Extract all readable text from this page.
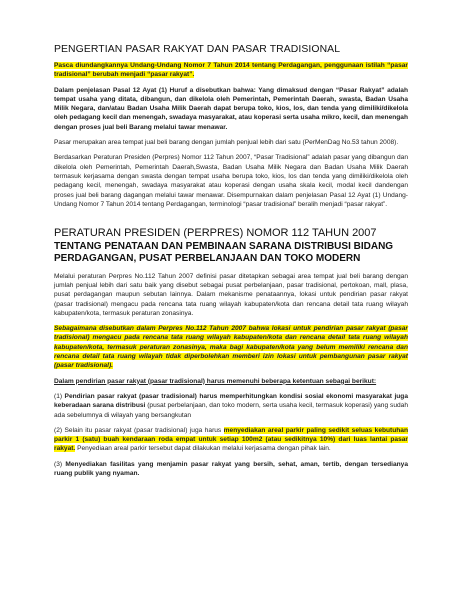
PENGERTIAN PASAR RAKYAT DAN PASAR TRADISIONAL

Pasca diundangkannya Undang-Undang Nomor 7 Tahun 2014 tentang Perdagangan, penggunaan istilah “pasar tradisional” berubah menjadi “pasar rakyat”.

Dalam penjelasan Pasal 12 Ayat (1) Huruf a disebutkan bahwa: Yang dimaksud dengan “Pasar Rakyat” adalah tempat usaha yang ditata, dibangun, dan dikelola oleh Pemerintah, Pemerintah Daerah, swasta, Badan Usaha Milik Negara, dan/atau Badan Usaha Milik Daerah dapat berupa toko, kios, los, dan tenda yang dimiliki/dikelola oleh pedagang kecil dan menengah, swadaya masyarakat, atau koperasi serta usaha mikro, kecil, dan menengah dengan proses jual beli Barang melalui tawar menawar.

Pasar merupakan area tempat jual beli barang dengan jumlah penjual lebih dari satu (PerMenDag No.53 tahun 2008).

Berdasarkan Peraturan Presiden (Perpres) Nomor 112 Tahun 2007, “Pasar Tradisional” adalah pasar yang dibangun dan dikelola oleh Pemerintah, Pemerintah Daerah,Swasta, Badan Usaha Milik Negara dan Badan Usaha Milik Daerah termasuk kerjasama dengan swasta dengan tempat usaha berupa toko, kios, los dan tenda yang dimiliki/dikelola oleh pedagang kecil, menengah, swadaya masyarakat atau koperasi dengan usaha skala kecil, modal kecil dandengan proses jual beli barang dagangan melalui tawar menawar. Disempurnakan dalam penjelasan Pasal 12 Ayat (1) Undang-Undang Nomor 7 Tahun 2014 tentang Perdagangan, terminologi “pasar tradisional” beralih menjadi “pasar rakyat”.

PERATURAN PRESIDEN (PERPRES) NOMOR 112 TAHUN 2007 TENTANG PENATAAN DAN PEMBINAAN SARANA DISTRIBUSI BIDANG PERDAGANGAN, PUSAT PERBELANJAAN DAN TOKO MODERN

Melalui peraturan Perpres No.112 Tahun 2007 definisi pasar ditetapkan sebagai area tempat jual beli barang dengan jumlah penjual lebih dari satu baik yang disebut sebagai pusat perbelanjaan, pasar tradisional, pertokoan, mall, plasa, pusat perdagangan maupun sebutan lainnya. Dalam mekanisme penataannya, lokasi untuk pendirian pasar rakyat (pasar tradisional) mengacu pada rencana tata ruang wilayah kabupaten/kota dan rencana detail tata ruang wilayah kabupaten/kota, termasuk peraturan zonasinya.

Sebagaimana disebutkan dalam Perpres No.112 Tahun 2007 bahwa lokasi untuk pendirian pasar rakyat (pasar tradisional) mengacu pada rencana tata ruang wilayah kabupaten/kota dan rencana detail tata ruang wilayah kabupaten/kota, termasuk peraturan zonasinya, maka bagi kabupaten/kota yang belum memiliki rencana dan rencana detail tata ruang wilayah tidak diperbolehkan memberi izin lokasi untuk pembangunan pasar rakyat (pasar tradisional).

Dalam pendirian pasar rakyat (pasar tradisional) harus memenuhi beberapa ketentuan sebagai berikut:

(1) Pendirian pasar rakyat (pasar tradisional) harus memperhitungkan kondisi sosial ekonomi masyarakat juga keberadaan sarana distribusi (pusat perbelanjaan, dan toko modern, serta usaha kecil, termasuk koperasi) yang sudah ada sebelumnya di wilayah yang bersangkutan

(2) Selain itu pasar rakyat (pasar tradisional) juga harus menyediakan areal parkir paling sedikit seluas kebutuhan parkir 1 (satu) buah kendaraan roda empat untuk setiap 100m2 (atau sedikitnya 10%) dari luas lantai pasar rakyat. Penyediaan areal parkir tersebut dapat dilakukan melalui kerjasama dengan pihak lain.

(3) Menyediakan fasilitas yang menjamin pasar rakyat yang bersih, sehat, aman, tertib, dengan tersedianya ruang publik yang nyaman.
